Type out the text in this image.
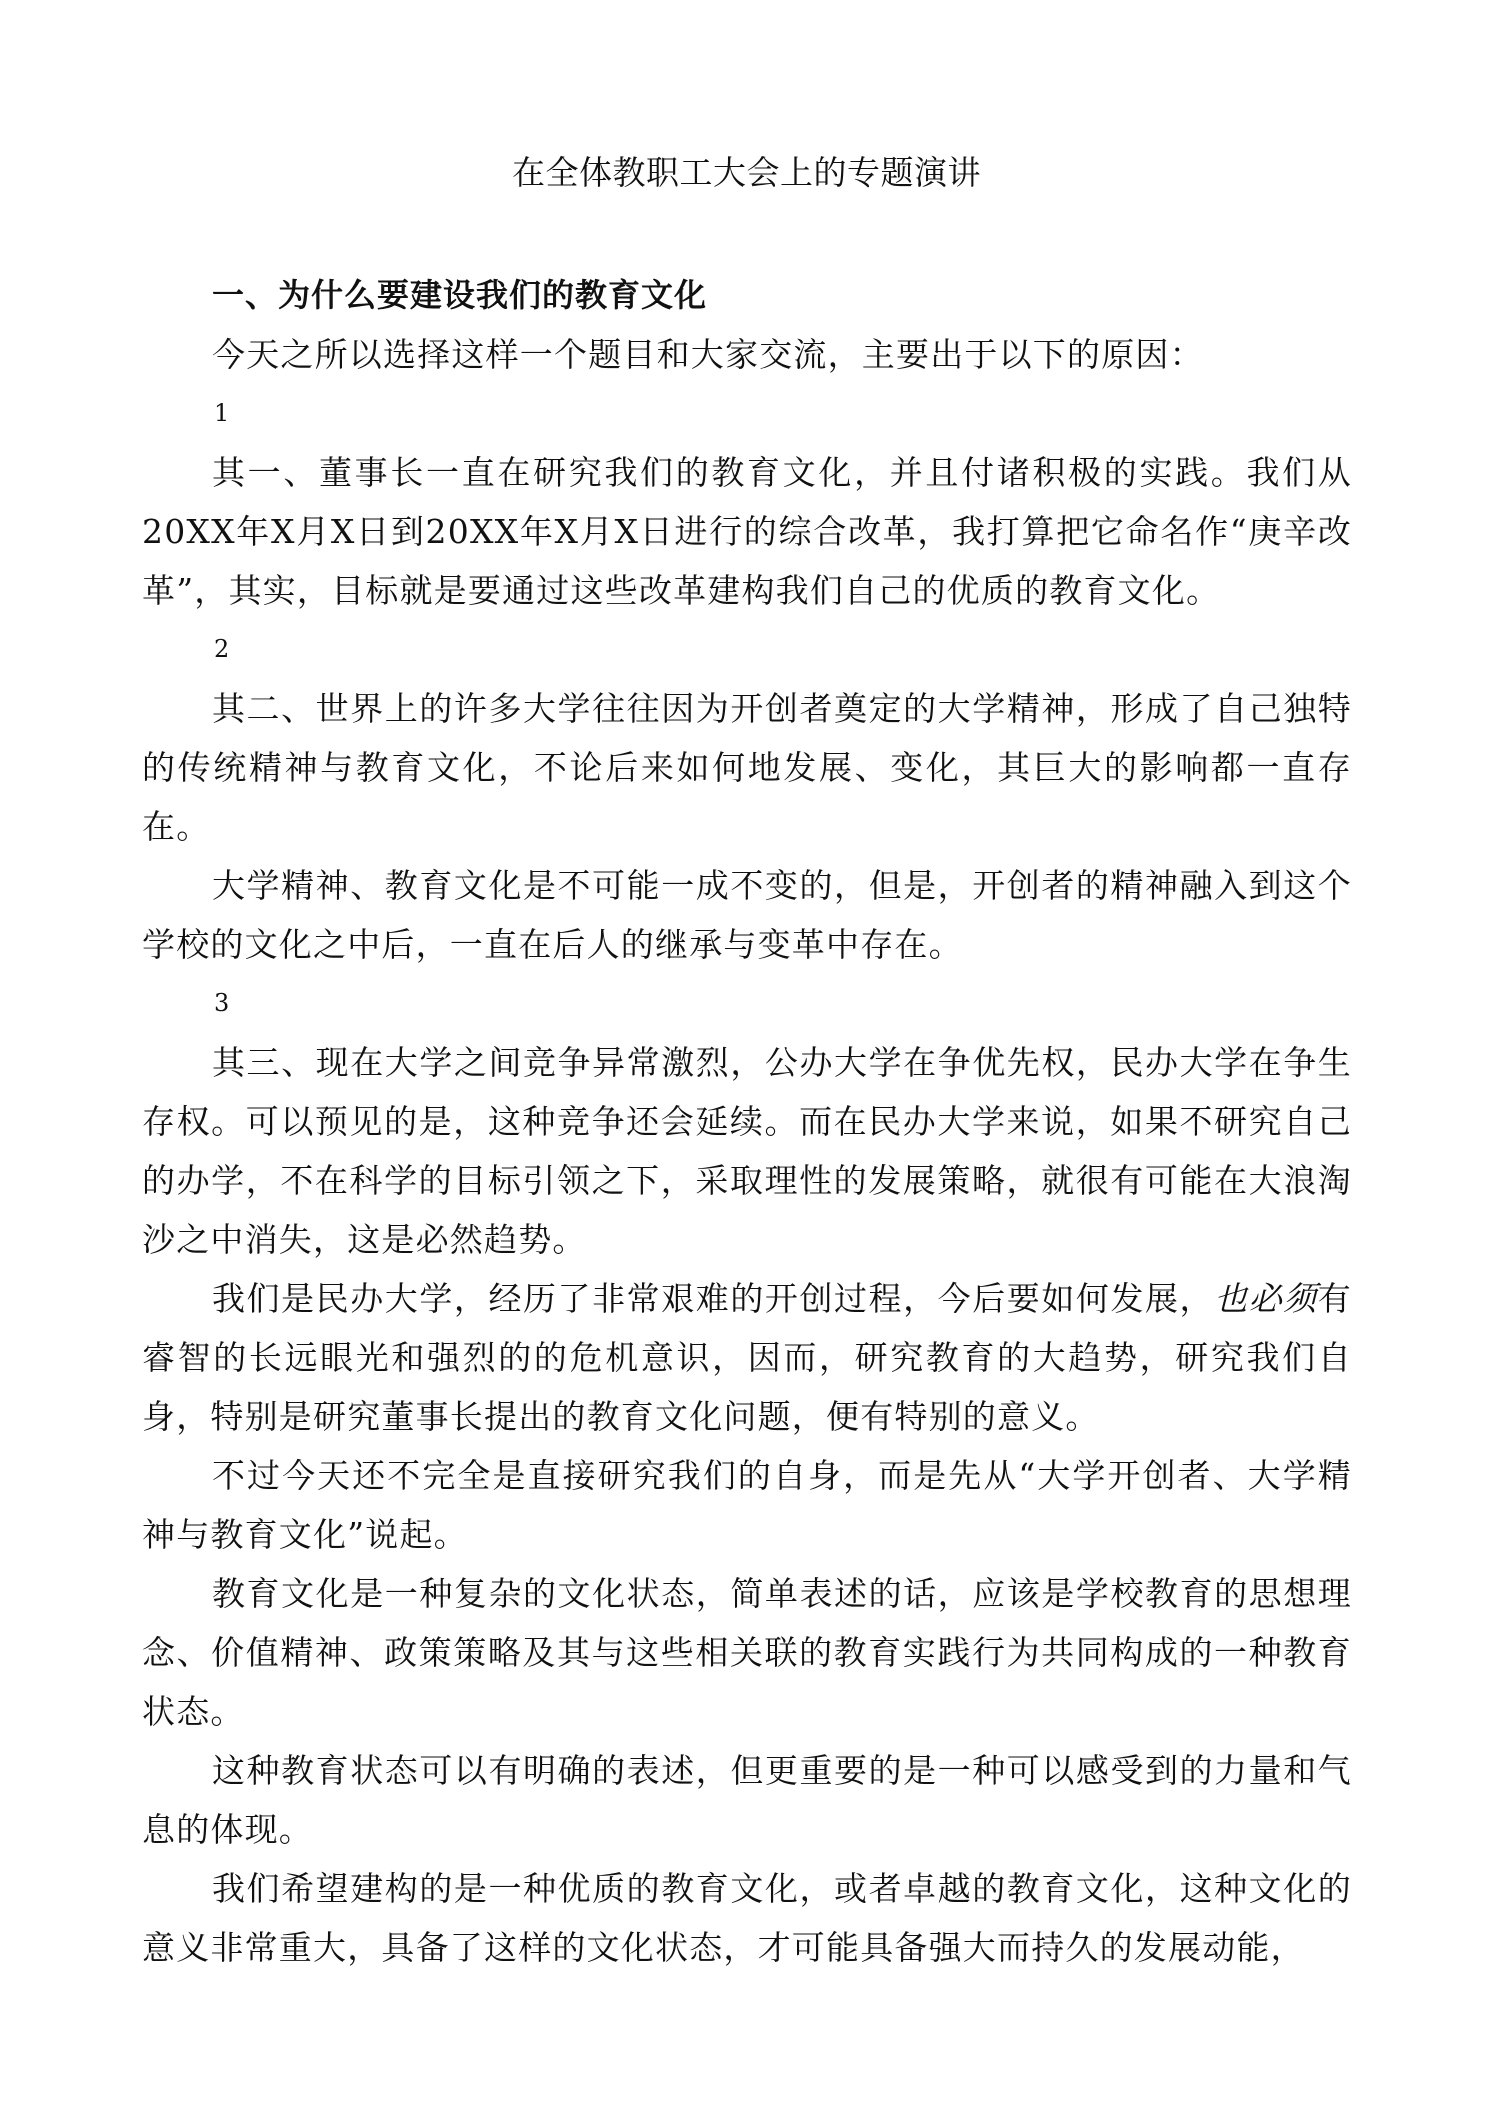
在全体教职工大会上的专题演讲

一、为什么要建设我们的教育文化

今天之所以选择这样一个题目和大家交流，主要出于以下的原因：

1

其一、董事长一直在研究我们的教育文化，并且付诸积极的实践。我们从20XX年X月X日到20XX年X月X日进行的综合改革，我打算把它命名作“庚辛改革”，其实，目标就是要通过这些改革建构我们自己的优质的教育文化。

2

其二、世界上的许多大学往往因为开创者奠定的大学精神，形成了自己独特的传统精神与教育文化，不论后来如何地发展、变化，其巨大的影响都一直存在。

大学精神、教育文化是不可能一成不变的，但是，开创者的精神融入到这个学校的文化之中后，一直在后人的继承与变革中存在。

3

其三、现在大学之间竞争异常激烈，公办大学在争优先权，民办大学在争生存权。可以预见的是，这种竞争还会延续。而在民办大学来说，如果不研究自己的办学，不在科学的目标引领之下，采取理性的发展策略，就很有可能在大浪淘沙之中消失，这是必然趋势。

我们是民办大学，经历了非常艰难的开创过程，今后要如何发展，也必须有睿智的长远眼光和强烈的的危机意识，因而，研究教育的大趋势，研究我们自身，特别是研究董事长提出的教育文化问题，便有特别的意义。

不过今天还不完全是直接研究我们的自身，而是先从“大学开创者、大学精神与教育文化”说起。

教育文化是一种复杂的文化状态，简单表述的话，应该是学校教育的思想理念、价值精神、政策策略及其与这些相关联的教育实践行为共同构成的一种教育状态。

这种教育状态可以有明确的表述，但更重要的是一种可以感受到的力量和气息的体现。

我们希望建构的是一种优质的教育文化，或者卓越的教育文化，这种文化的意义非常重大，具备了这样的文化状态，才可能具备强大而持久的发展动能，
